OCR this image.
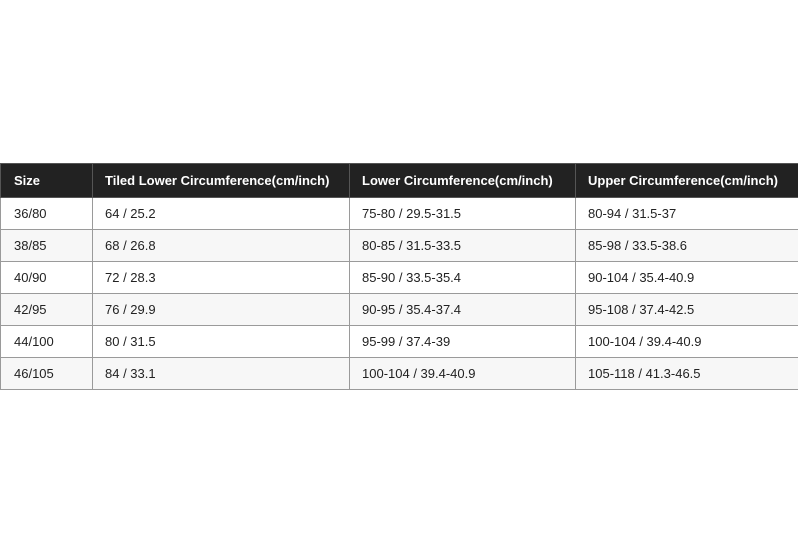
Size	Tiled Lower Circumference(cm/inch)	Lower Circumference(cm/inch)	Upper Circumference(cm/inch)
36/80	64 / 25.2	75-80 / 29.5-31.5	80-94 / 31.5-37
38/85	68 / 26.8	80-85 / 31.5-33.5	85-98 / 33.5-38.6
40/90	72 / 28.3	85-90 / 33.5-35.4	90-104 / 35.4-40.9
42/95	76 / 29.9	90-95 / 35.4-37.4	95-108 / 37.4-42.5
44/100	80 / 31.5	95-99 / 37.4-39	100-104 / 39.4-40.9
46/105	84 / 33.1	100-104 / 39.4-40.9	105-118 / 41.3-46.5
